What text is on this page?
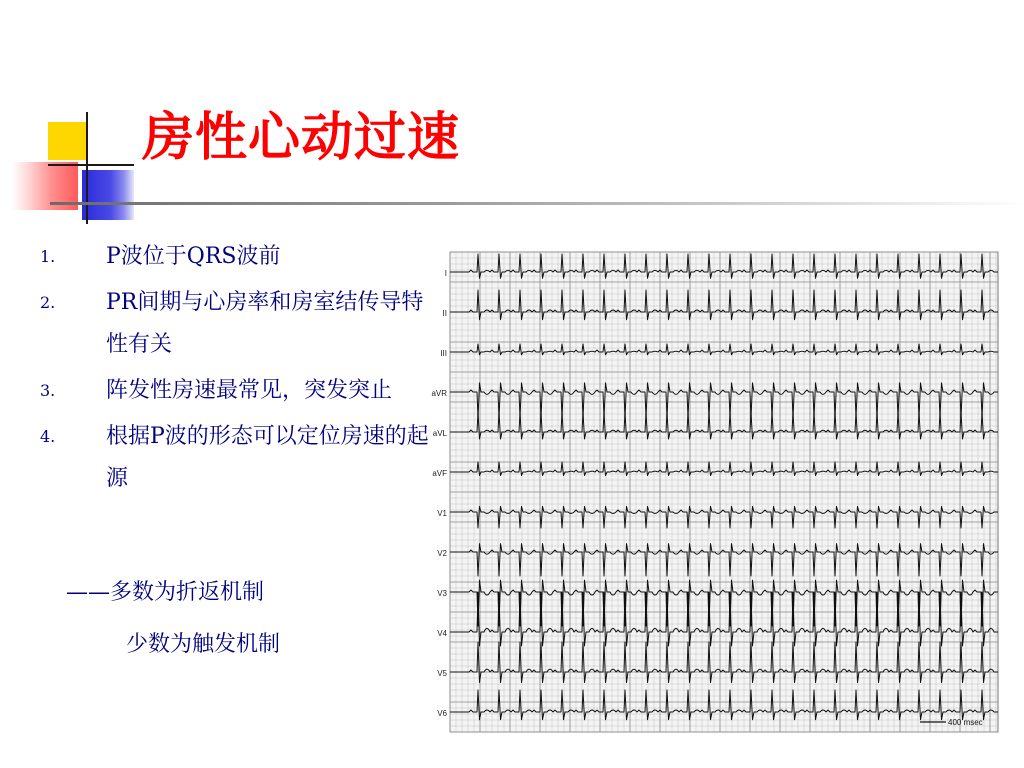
房性心动过速
1. P波位于QRS波前
2. PR间期与心房率和房室结传导特性有关
3. 阵发性房速最常见，突发突止
4. 根据P波的形态可以定位房速的起源
——多数为折返机制
少数为触发机制
I
II
III
aVR
aVL
aVF
V1
V2
V3
V4
V5
V6
400 msec
